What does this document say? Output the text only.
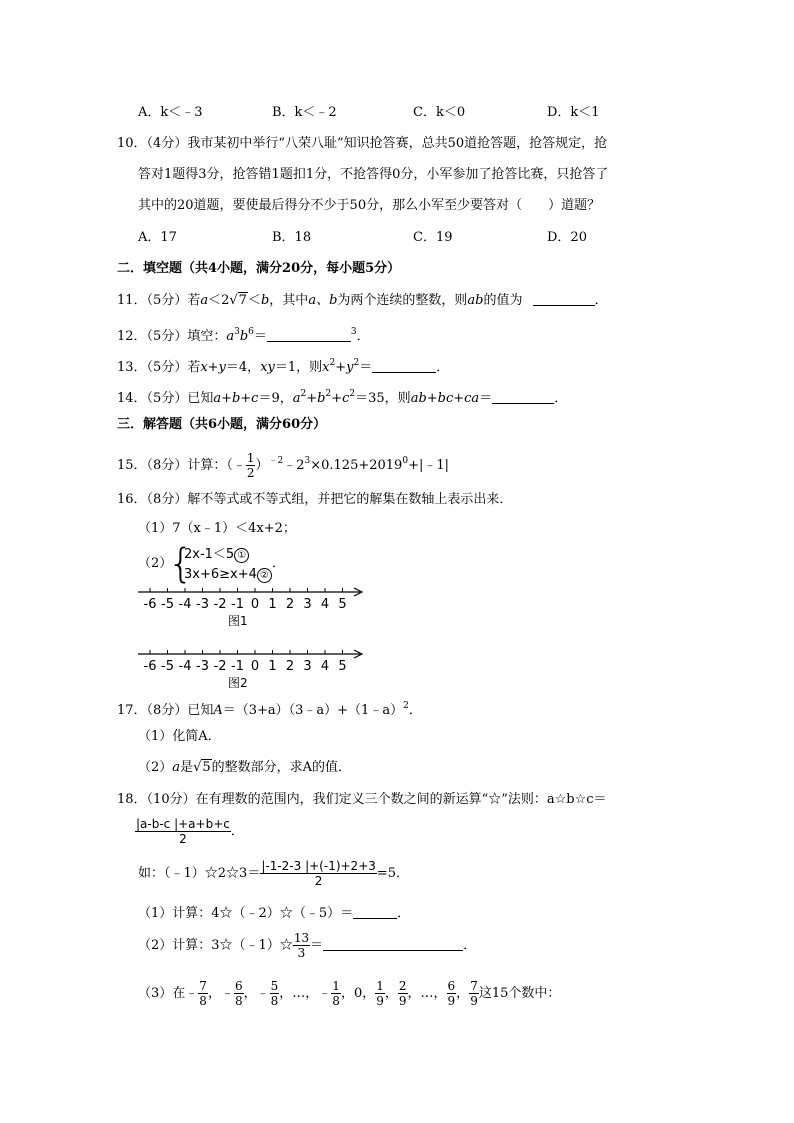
A．k＜﹣3	B．k＜﹣2	C．k＜0	D．k＜1
10．（4分）我市某初中举行“八荣八耻”知识抢答赛，总共50道抢答题，抢答规定，抢
答对1题得3分，抢答错1题扣1分，不抢答得0分，小军参加了抢答比赛，只抢答了
其中的20道题，要使最后得分不少于50分，那么小军至少要答对（　　）道题？
A．17	B．18	C．19	D．20
二．填空题（共4小题，满分20分，每小题5分）
11．（5分）若a＜2√7＜b，其中a、b为两个连续的整数，则ab的值为	．
12．（5分）填空：$a^3b^6=$	$^3$．
13．（5分）若x+y＝4，xy＝1，则$x^2+y^2=$	．
14．（5分）已知a+b+c＝9，$a^2+b^2+c^2=35$，则ab+bc+ca＝	．
三．解答题（共6小题，满分60分）
15．（8分）计算：（﹣ $\frac{1}{2}$ ）$^{﹣2}﹣2^3\times 0.125+2019^0+|﹣1|$
16．（8分）解不等式或不等式组，并把它的解集在数轴上表示出来．
（1）7（x﹣1）＜4x+2；
（2）
{
2x-1＜5 ①
3x+6≥x+4 ②
．
-6 -5 -4 -3 -2 -1 0 1 2 3 4 5
图1
-6 -5 -4 -3 -2 -1 0 1 2 3 4 5
图2
17．（8分）已知A＝（3+a）（3﹣a）+（1﹣a）$^2$．
（1）化简A．
（2）a是√5的整数部分，求A的值．
18．（10分）在有理数的范围内，我们定义三个数之间的新运算“☆”法则：a☆b☆c＝
$\frac{|a-b-c |+a+b+c}{2}$ ．
如：（﹣1）☆2☆3＝ $\frac{|-1-2-3 |+(-1)+2+3}{2} =5$．
（1）计算：4☆（﹣2）☆（﹣5）＝	．
（2）计算：3☆（﹣1）☆ $\frac{13}{3}$ ＝	．
（3）在﹣ $\frac{7}{8}$ ，﹣ $\frac{6}{8}$ ，﹣ $\frac{5}{8}$ ，…，﹣ $\frac{1}{8}$ ，0， $\frac{1}{9}$ ， $\frac{2}{9}$ ，…， $\frac{6}{9}$ ， $\frac{7}{9}$ 这15个数中：
